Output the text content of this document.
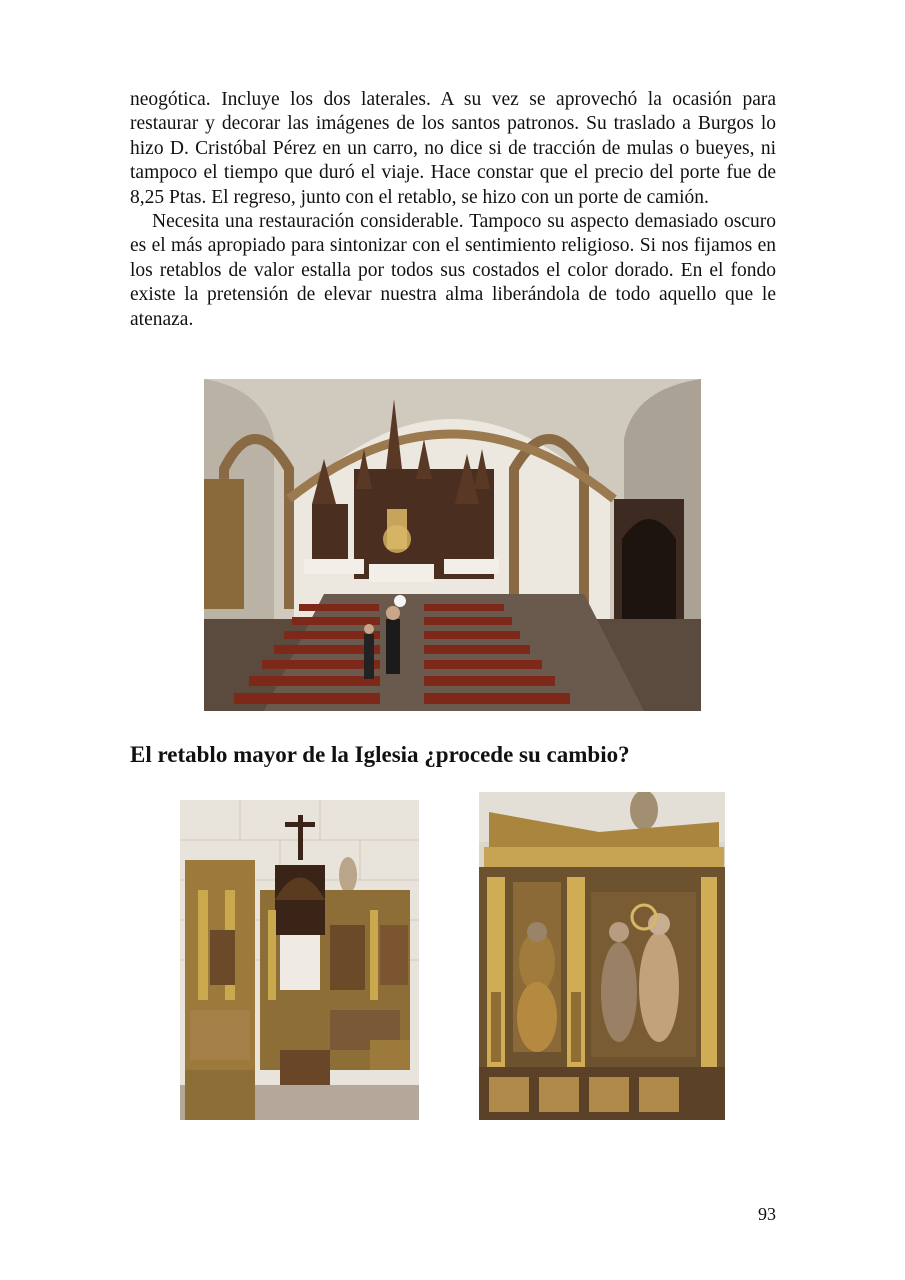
neogótica. Incluye los dos laterales. A su vez se aprovechó la ocasión para restaurar y decorar las imágenes de los santos patronos. Su traslado a Burgos lo hizo D. Cristóbal Pérez en un carro, no dice si de tracción de mulas o bueyes, ni tampoco el tiempo que duró el viaje. Hace constar que el precio del porte fue de 8,25 Ptas. El regreso, junto con el retablo, se hizo con un porte de camión.

Necesita una restauración considerable. Tampoco su aspecto demasiado oscuro es el más apropiado para sintonizar con el sentimiento religioso. Si nos fijamos en los retablos de valor estalla por todos sus costados el color dorado. En el fondo existe la pretensión de elevar nuestra alma liberándola de todo aquello que le atenaza.

El retablo mayor de la Iglesia ¿procede su cambio?
93
